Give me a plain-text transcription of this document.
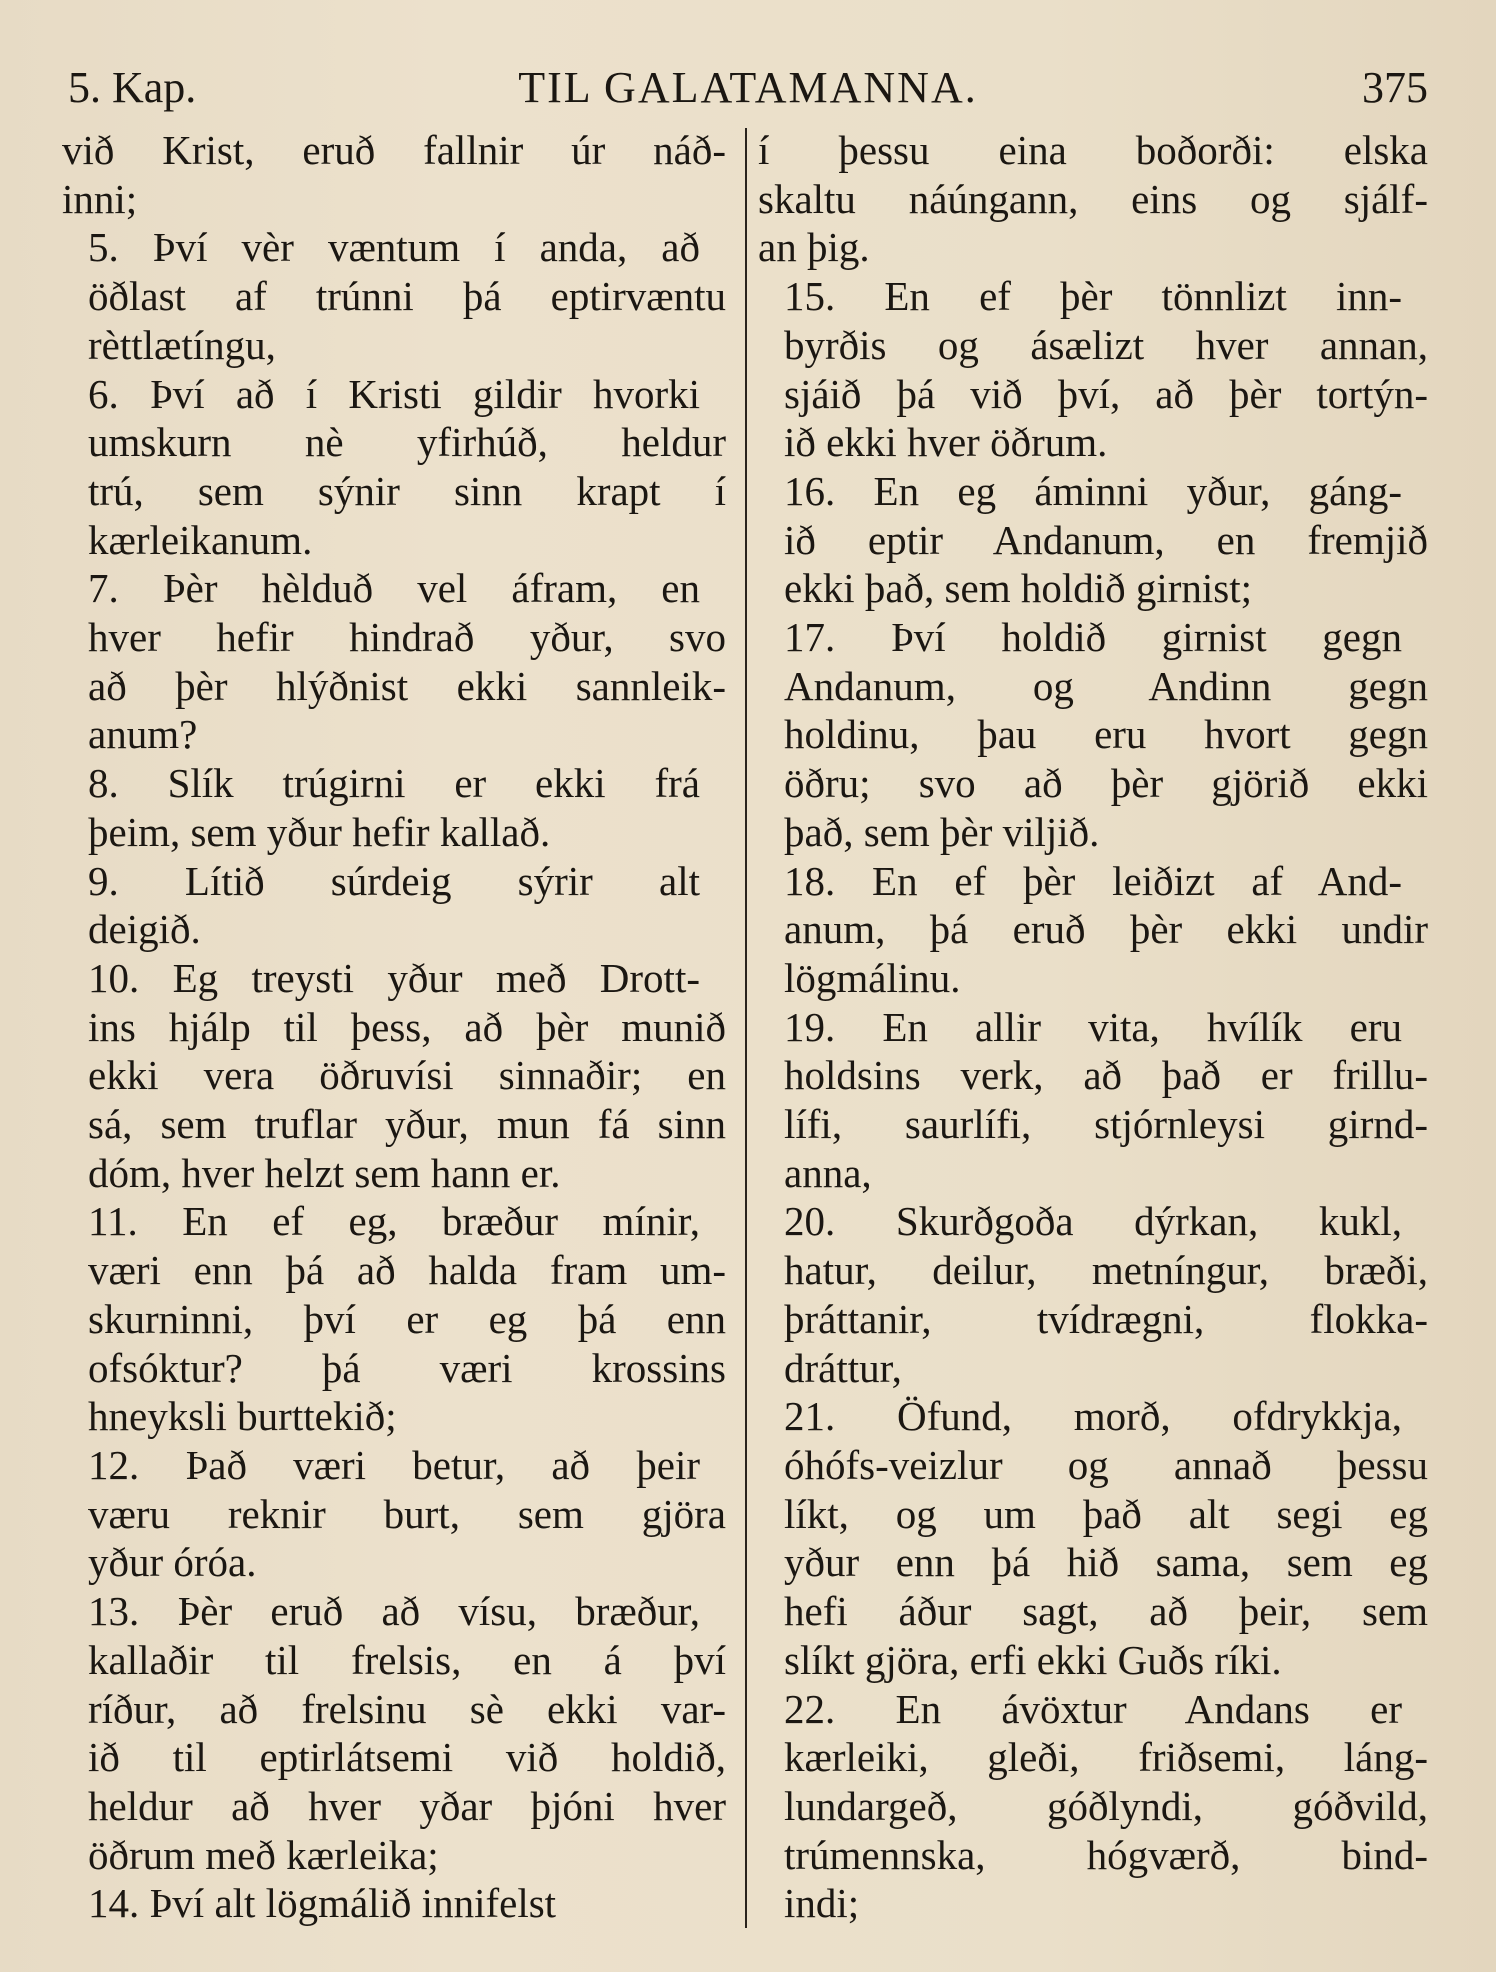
5. Kap.	TIL GALATAMANNA.	375
við Krist, eruð fallnir úr náð-
inni;
5. Því vèr væntum í anda, að
öðlast af trúnni þá eptirvæntu
rèttlætíngu,
6. Því að í Kristi gildir hvorki
umskurn nè yfirhúð, heldur
trú, sem sýnir sinn krapt í
kærleikanum.
7. Þèr hèlduð vel áfram, en
hver hefir hindrað yður, svo
að þèr hlýðnist ekki sannleik-
anum?
8. Slík trúgirni er ekki frá
þeim, sem yður hefir kallað.
9. Lítið súrdeig sýrir alt
deigið.
10. Eg treysti yður með Drott-
ins hjálp til þess, að þèr munið
ekki vera öðruvísi sinnaðir; en
sá, sem truflar yður, mun fá sinn
dóm, hver helzt sem hann er.
11. En ef eg, bræður mínir,
væri enn þá að halda fram um-
skurninni, því er eg þá enn
ofsóktur? þá væri krossins
hneyksli burttekið;
12. Það væri betur, að þeir
væru reknir burt, sem gjöra
yður óróa.
13. Þèr eruð að vísu, bræður,
kallaðir til frelsis, en á því
ríður, að frelsinu sè ekki var-
ið til eptirlátsemi við holdið,
heldur að hver yðar þjóni hver
öðrum með kærleika;
14. Því alt lögmálið innifelst
í þessu eina boðorði: elska
skaltu náúngann, eins og sjálf-
an þig.
15. En ef þèr tönnlizt inn-
byrðis og ásælizt hver annan,
sjáið þá við því, að þèr tortýn-
ið ekki hver öðrum.
16. En eg áminni yður, gáng-
ið eptir Andanum, en fremjið
ekki það, sem holdið girnist;
17. Því holdið girnist gegn
Andanum, og Andinn gegn
holdinu, þau eru hvort gegn
öðru; svo að þèr gjörið ekki
það, sem þèr viljið.
18. En ef þèr leiðizt af And-
anum, þá eruð þèr ekki undir
lögmálinu.
19. En allir vita, hvílík eru
holdsins verk, að það er frillu-
lífi, saurlífi, stjórnleysi girnd-
anna,
20. Skurðgoða dýrkan, kukl,
hatur, deilur, metníngur, bræði,
þráttanir, tvídrægni, flokka-
dráttur,
21. Öfund, morð, ofdrykkja,
óhófs-veizlur og annað þessu
líkt, og um það alt segi eg
yður enn þá hið sama, sem eg
hefi áður sagt, að þeir, sem
slíkt gjöra, erfi ekki Guðs ríki.
22. En ávöxtur Andans er
kærleiki, gleði, friðsemi, láng-
lundargeð, góðlyndi, góðvild,
trúmennska, hógværð, bind-
indi;
